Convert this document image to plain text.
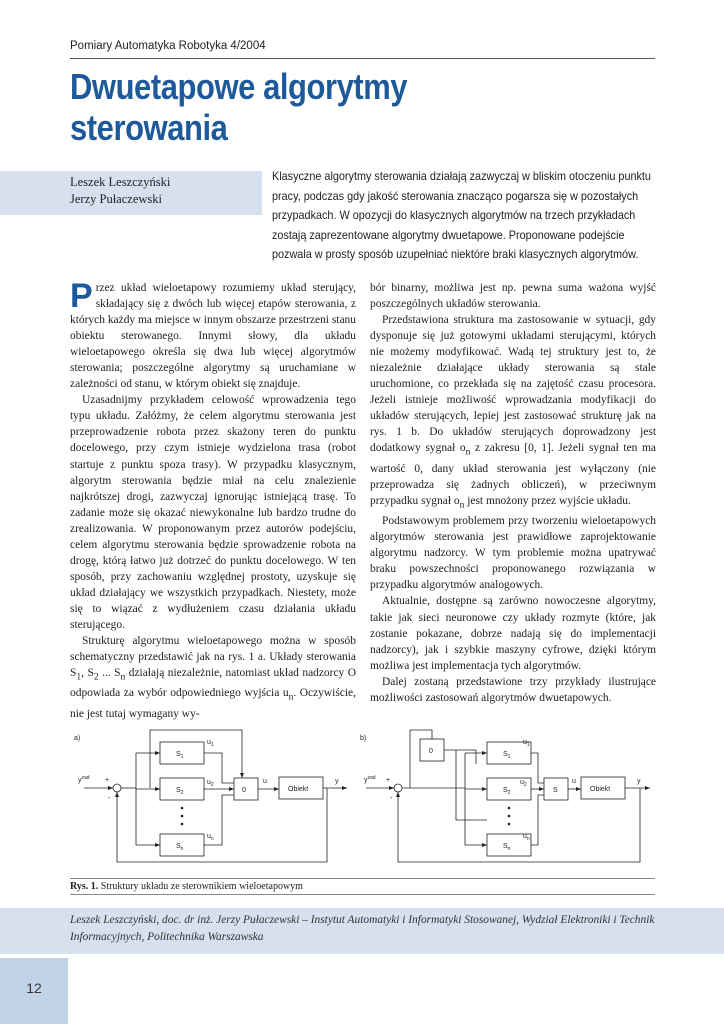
Pomiary Automatyka Robotyka 4/2004
Dwuetapowe algorytmy
sterowania
Leszek Leszczyński
Jerzy Pułaczewski

Klasyczne algorytmy sterowania działają zazwyczaj w bliskim otoczeniu punktu pracy, podczas gdy jakość sterowania znacząco pogarsza się w pozostałych przypadkach. W opozycji do klasycznych algorytmów na trzech przykładach zostają zaprezentowane algorytmy dwuetapowe. Proponowane podejście pozwala w prosty sposób uzupełniać niektóre braki klasycznych algorytmów.

Przez układ wieloetapowy rozumiemy układ sterujący, składający się z dwóch lub więcej etapów sterowania, z których każdy ma miejsce w innym obszarze przestrzeni stanu obiektu sterowanego. Innymi słowy, dla układu wieloetapowego określa się dwa lub więcej algorytmów sterowania; poszczególne algorytmy są uruchamiane w zależności od stanu, w którym obiekt się znajduje.

Uzasadnijmy przykładem celowość wprowadzenia tego typu układu. Załóżmy, że celem algorytmu sterowania jest przeprowadzenie robota przez skażony teren do punktu docelowego, przy czym istnieje wydzielona trasa (robot startuje z punktu spoza trasy). W przypadku klasycznym, algorytm sterowania będzie miał na celu znalezienie najkrótszej drogi, zazwyczaj ignorując istniejącą trasę. To zadanie może się okazać niewykonalne lub bardzo trudne do zrealizowania. W proponowanym przez autorów podejściu, celem algorytmu sterowania będzie sprowadzenie robota na drogę, którą łatwo już dotrzeć do punktu docelowego. W ten sposób, przy zachowaniu względnej prostoty, uzyskuje się układ działający we wszystkich przypadkach. Niestety, może się to wiązać z wydłużeniem czasu działania układu sterującego.

Strukturę algorytmu wieloetapowego można w sposób schematyczny przedstawić jak na rys. 1 a. Układy sterowania $S_1$, $S_2$ ... $S_n$ działają niezależnie, natomiast układ nadzorcy O odpowiada za wybór odpowiedniego wyjścia $u_n$. Oczywiście, nie jest tutaj wymagany wy-

bór binarny, możliwa jest np. pewna suma ważona wyjść poszczególnych układów sterowania.

Przedstawiona struktura ma zastosowanie w sytuacji, gdy dysponuje się już gotowymi układami sterującymi, których nie możemy modyfikować. Wadą tej struktury jest to, że niezależnie działające układy sterowania są stale uruchomione, co przekłada się na zajętość czasu procesora. Jeżeli istnieje możliwość wprowadzania modyfikacji do układów sterujących, lepiej jest zastosować strukturę jak na rys. 1 b. Do układów sterujących doprowadzony jest dodatkowy sygnał $o_n$ z zakresu [0, 1]. Jeżeli sygnał ten ma wartość 0, dany układ sterowania jest wyłączony (nie przeprowadza się żadnych obliczeń), w przeciwnym przypadku sygnał $o_n$ jest mnożony przez wyjście układu.

Podstawowym problemem przy tworzeniu wieloetapowych algorytmów sterowania jest prawidłowe zaprojektowanie algorytmu nadzorcy. W tym problemie można upatrywać braku powszechności proponowanego rozwiązania w przypadku algorytmów analogowych.

Aktualnie, dostępne są zarówno nowoczesne algorytmy, takie jak sieci neuronowe czy układy rozmyte (które, jak zostanie pokazane, dobrze nadają się do implementacji nadzorcy), jak i szybkie maszyny cyfrowe, dzięki którym możliwa jest implementacja tych algorytmów.

Dalej zostaną przedstawione trzy przykłady ilustrujące możliwości zastosowań algorytmów dwuetapowych.

a)	b)
$S_1$
$S_2$
$S_n$
0	Obiekt
$u_1$
$u_2$
$u_n$
u	y
$y^{zad}$ +
-
0	$S_1$
$S_2$
$S_n$
S	Obiekt
$u_1$
$u_2$
$u_n$
u	y
$y^{zad}$ +
-
Rys. 1. Struktury układu ze sterownikiem wieloetapowym
Leszek Leszczyński, doc. dr inż. Jerzy Pułaczewski – Instytut Automatyki i Informatyki Stosowanej, Wydział Elektroniki i Technik Informacyjnych, Politechnika Warszawska
12
